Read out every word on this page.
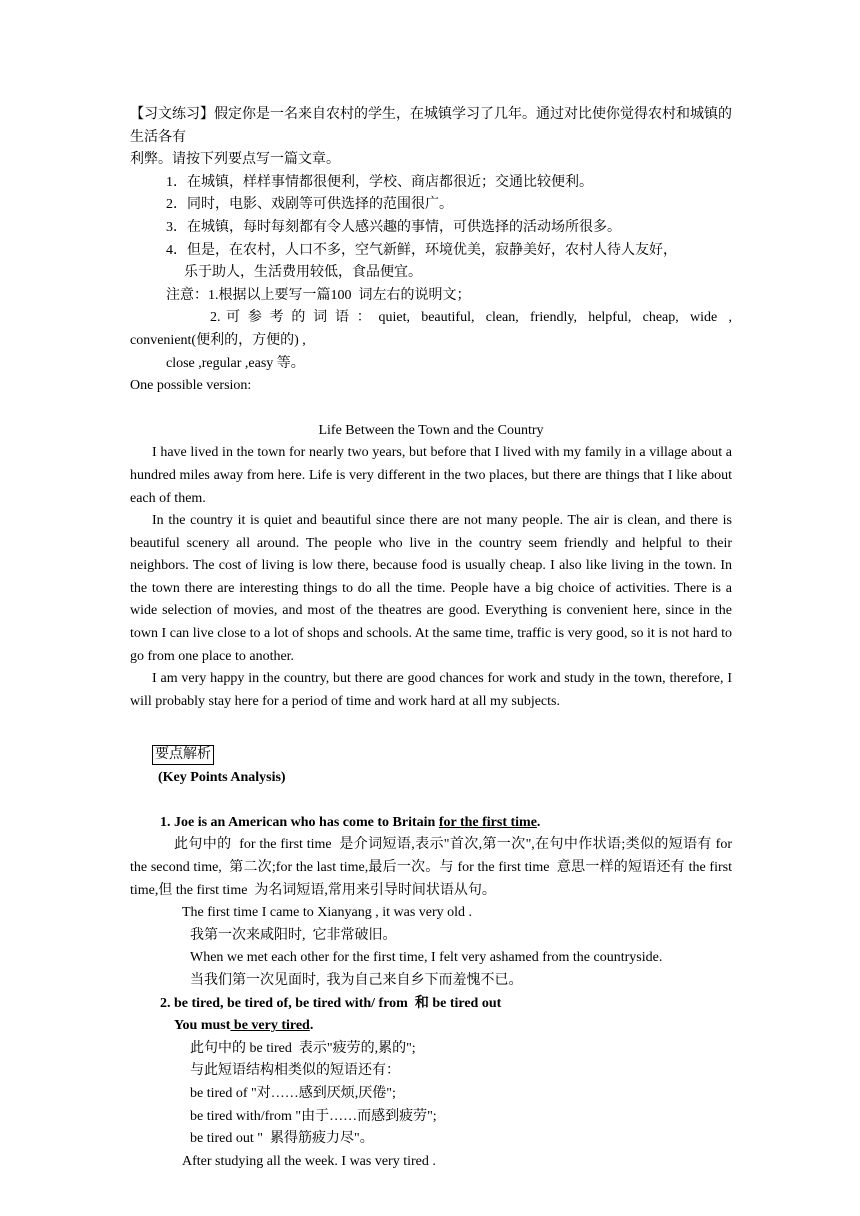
【习文练习】假定你是一名来自农村的学生，在城镇学习了几年。通过对比使你觉得农村和城镇的生活各有
利弊。请按下列要点写一篇文章。
1．在城镇，样样事情都很便利，学校、商店都很近；交通比较便利。
2．同时，电影、戏剧等可供选择的范围很广。
3．在城镇，每时每刻都有令人感兴趣的事情，可供选择的活动场所很多。
4．但是，在农村，人口不多，空气新鲜，环境优美，寂静美好，农村人待人友好，
乐于助人，生活费用较低，食品便宜。
注意：1.根据以上要写一篇100  词左右的说明文；
2. 可 参 考 的 词 语 ： quiet,  beautiful,  clean,  friendly,  helpful,  cheap,  wide  ,  convenient(便利的，方便的) ,
close ,regular ,easy 等。
One possible version:
Life Between the Town and the Country
I have lived in the town for nearly two years, but before that I lived with my family in a village about a hundred miles away from here. Life is very different in the two places, but there are things that I like about each of them.
In the country it is quiet and beautiful since there are not many people. The air is clean, and there is beautiful scenery all around. The people who live in the country seem friendly and helpful to their neighbors. The cost of living is low there, because food is usually cheap. I also like living in the town. In the town there are interesting things to do all the time. People have a big choice of activities. There is a wide selection of movies, and most of the theatres are good. Everything is convenient here, since in the town I can live close to a lot of shops and schools. At the same time, traffic is very good, so it is not hard to go from one place to another.
I am very happy in the country, but there are good chances for work and study in the town, therefore, I will probably stay here for a period of time and work hard at all my subjects.

要点解析
(Key Points Analysis)

1. Joe is an American who has come to Britain for the first time.
此句中的  for the first time  是介词短语,表示"首次,第一次",在句中作状语;类似的短语有 for the second time,  第二次;for the last time,最后一次。与 for the first time  意思一样的短语还有 the first time,但 the first time  为名词短语,常用来引导时间状语从句。
The first time I came to Xianyang , it was very old .
我第一次来咸阳时,  它非常破旧。
When we met each other for the first time, I felt very ashamed from the countryside.
当我们第一次见面时,  我为自己来自乡下而羞愧不已。
2. be tired, be tired of, be tired with/ from  和 be tired out
You must be very tired.
此句中的 be tired  表示"疲劳的,累的";
与此短语结构相类似的短语还有：
be tired of "对……感到厌烦,厌倦";
be tired with/from "由于……而感到疲劳";
be tired out "  累得筋疲力尽"。
After studying all the week. I was very tired .
